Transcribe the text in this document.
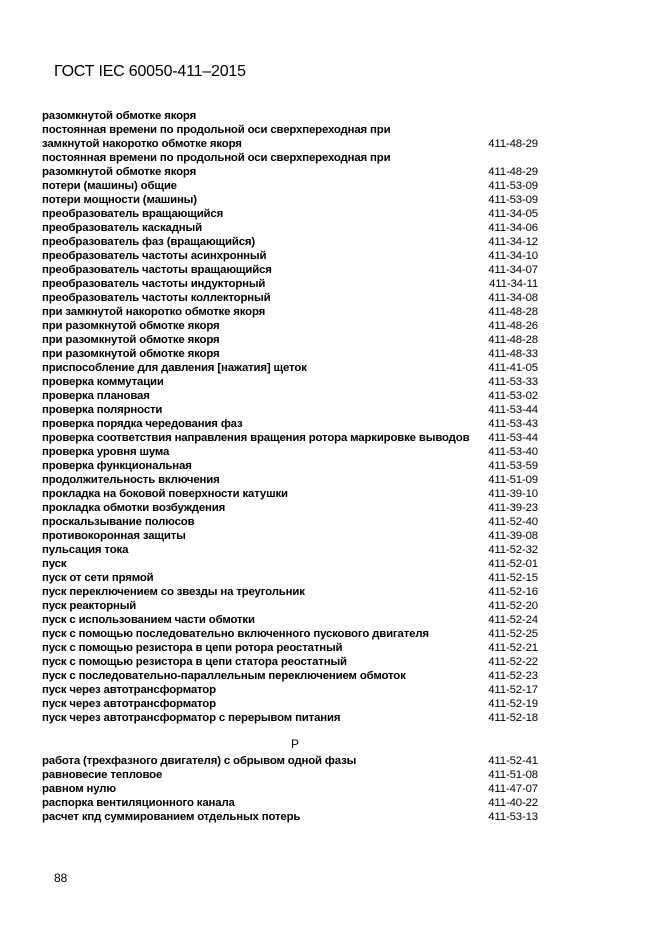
ГОСТ IEC 60050-411–2015
разомкнутой обмотке якоря
постоянная времени по продольной оси сверхпереходная при
замкнутой накоротко обмотке якоря	411-48-29
постоянная времени по продольной оси сверхпереходная при
разомкнутой обмотке якоря	411-48-29
потери (машины) общие	411-53-09
потери мощности (машины)	411-53-09
преобразователь вращающийся	411-34-05
преобразователь каскадный	411-34-06
преобразователь фаз (вращающийся)	411-34-12
преобразователь частоты асинхронный	411-34-10
преобразователь частоты вращающийся	411-34-07
преобразователь частоты индукторный	411-34-11
преобразователь частоты коллекторный	411-34-08
при замкнутой накоротко обмотке якоря	411-48-28
при разомкнутой обмотке якоря	411-48-26
при разомкнутой обмотке якоря	411-48-28
при разомкнутой обмотке якоря	411-48-33
приспособление для давления [нажатия] щеток	411-41-05
проверка коммутации	411-53-33
проверка плановая	411-53-02
проверка полярности	411-53-44
проверка порядка чередования фаз	411-53-43
проверка соответствия направления вращения ротора маркировке выводов	411-53-44
проверка уровня шума	411-53-40
проверка функциональная	411-53-59
продолжительность включения	411-51-09
прокладка на боковой поверхности катушки	411-39-10
прокладка обмотки возбуждения	411-39-23
проскальзывание полюсов	411-52-40
противокоронная защиты	411-39-08
пульсация тока	411-52-32
пуск	411-52-01
пуск от сети прямой	411-52-15
пуск переключением со звезды на треугольник	411-52-16
пуск реакторный	411-52-20
пуск с использованием части обмотки	411-52-24
пуск с помощью последовательно включенного пускового двигателя	411-52-25
пуск с помощью резистора в цепи ротора реостатный	411-52-21
пуск с помощью резистора в цепи статора реостатный	411-52-22
пуск с последовательно-параллельным переключением обмоток	411-52-23
пуск через автотрансформатор	411-52-17
пуск через автотрансформатор	411-52-19
пуск через автотрансформатор с перерывом питания	411-52-18
Р
работа (трехфазного двигателя) с обрывом одной фазы	411-52-41
равновесие тепловое	411-51-08
равном нулю	411-47-07
распорка вентиляционного канала	411-40-22
расчет кпд суммированием отдельных потерь	411-53-13
88
